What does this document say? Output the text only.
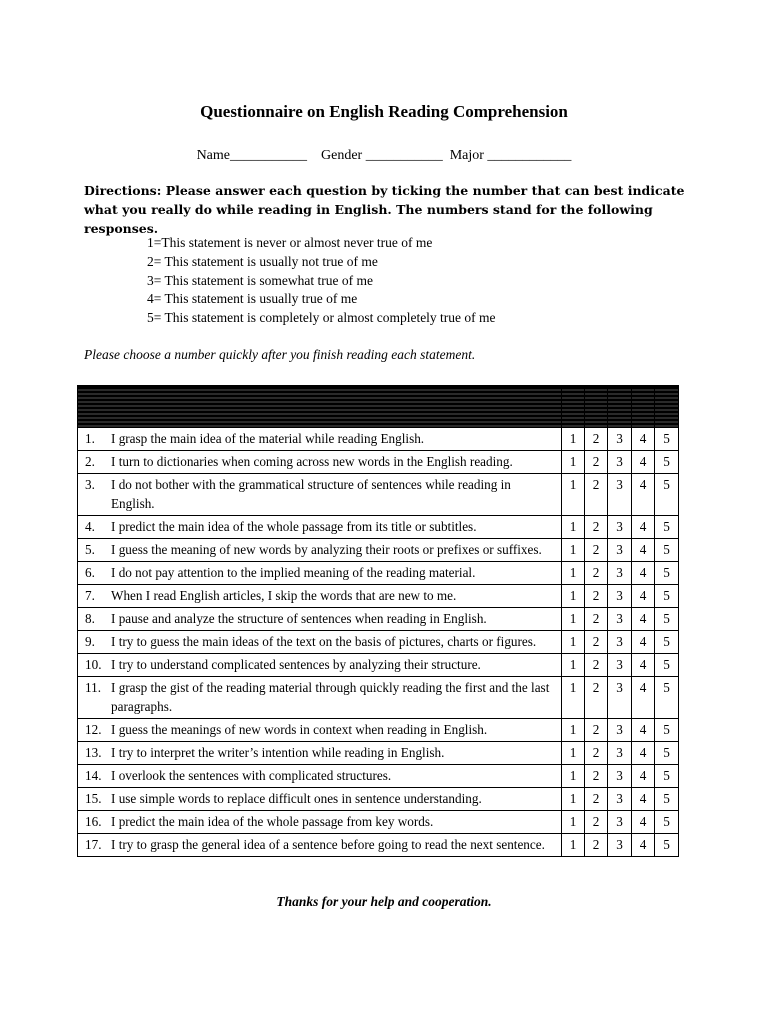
Questionnaire on English Reading Comprehension
Name___________ Gender ___________ Major ____________
Directions: Please answer each question by ticking the number that can best indicate what you really do while reading in English. The numbers stand for the following responses.
1=This statement is never or almost never true of me
2= This statement is usually not true of me
3= This statement is somewhat true of me
4= This statement is usually true of me
5= This statement is completely or almost completely true of me
Please choose a number quickly after you finish reading each statement.

1. I grasp the main idea of the material while reading English.	1	2	3	4	5
2. I turn to dictionaries when coming across new words in the English reading.	1	2	3	4	5
3. I do not bother with the grammatical structure of sentences while reading in English.	1	2	3	4	5
4. I predict the main idea of the whole passage from its title or subtitles.	1	2	3	4	5
5. I guess the meaning of new words by analyzing their roots or prefixes or suffixes.	1	2	3	4	5
6. I do not pay attention to the implied meaning of the reading material.	1	2	3	4	5
7. When I read English articles, I skip the words that are new to me.	1	2	3	4	5
8. I pause and analyze the structure of sentences when reading in English.	1	2	3	4	5
9. I try to guess the main ideas of the text on the basis of pictures, charts or figures.	1	2	3	4	5
10. I try to understand complicated sentences by analyzing their structure.	1	2	3	4	5
11. I grasp the gist of the reading material through quickly reading the first and the last paragraphs.	1	2	3	4	5
12. I guess the meanings of new words in context when reading in English.	1	2	3	4	5
13. I try to interpret the writer’s intention while reading in English.	1	2	3	4	5
14. I overlook the sentences with complicated structures.	1	2	3	4	5
15. I use simple words to replace difficult ones in sentence understanding.	1	2	3	4	5
16. I predict the main idea of the whole passage from key words.	1	2	3	4	5
17. I try to grasp the general idea of a sentence before going to read the next sentence.	1	2	3	4	5
Thanks for your help and cooperation.
